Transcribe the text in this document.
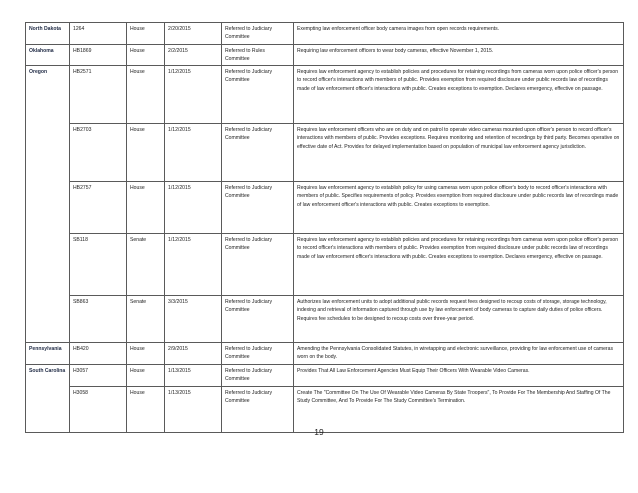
North Dakota	1264	House	2/20/2015	Referred to Judiciary Committee	Exempting law enforcement officer body camera images from open records requirements.
Oklahoma	HB1869	House	2/2/2015	Referred to Rules Committee	Requiring law enforcement officers to wear body cameras, effective November 1, 2015.
Oregon	HB2571	House	1/12/2015	Referred to Judiciary Committee	Requires law enforcement agency to establish policies and procedures for retaining recordings from cameras worn upon police officer's person to record officer's interactions with members of public. Provides exemption from required disclosure under public records law of recordings made of law enforcement officer's interactions with public. Creates exceptions to exemption. Declares emergency, effective on passage.
	HB2703	House	1/12/2015	Referred to Judiciary Committee	Requires law enforcement officers who are on duty and on patrol to operate video cameras mounted upon officer's person to record officer's interactions with members of public. Provides exceptions. Requires monitoring and retention of recordings by third party. Becomes operative on effective date of Act. Provides for delayed implementation based on population of municipal law enforcement agency jurisdiction.
	HB2757	House	1/12/2015	Referred to Judiciary Committee	Requires law enforcement agency to establish policy for using cameras worn upon police officer's body to record officer's interactions with members of public. Specifies requirements of policy. Provides exemption from required disclosure under public records law of recordings made of law enforcement officer's interactions with public. Creates exceptions to exemption.
	SB118	Senate	1/12/2015	Referred to Judiciary Committee	Requires law enforcement agency to establish policies and procedures for retaining recordings from cameras worn upon police officer's person to record officer's interactions with members of public. Provides exemption from required disclosure under public records law of recordings made of law enforcement officer's interactions with public. Creates exceptions to exemption. Declares emergency, effective on passage.
	SB863	Senate	3/3/2015	Referred to Judiciary Committee	Authorizes law enforcement units to adopt additional public records request fees designed to recoup costs of storage, storage technology, indexing and retrieval of information captured through use by law enforcement of body cameras to capture daily duties of police officers. Requires fee schedules to be designed to recoup costs over three-year period.
Pennsylvania	HB420	House	2/9/2015	Referred to Judiciary Committee	Amending the Pennsylvania Consolidated Statutes, in wiretapping and electronic surveillance, providing for law enforcement use of cameras worn on the body.
South Carolina	H3057	House	1/13/2015	Referred to Judiciary Committee	Provides That All Law Enforcement Agencies Must Equip Their Officers With Wearable Video Cameras.
	H3058	House	1/13/2015	Referred to Judiciary Committee	Create The "Committee On The Use Of Wearable Video Cameras By State Troopers", To Provide For The Membership And Staffing Of The Study Committee, And To Provide For The Study Committee's Termination.
19
